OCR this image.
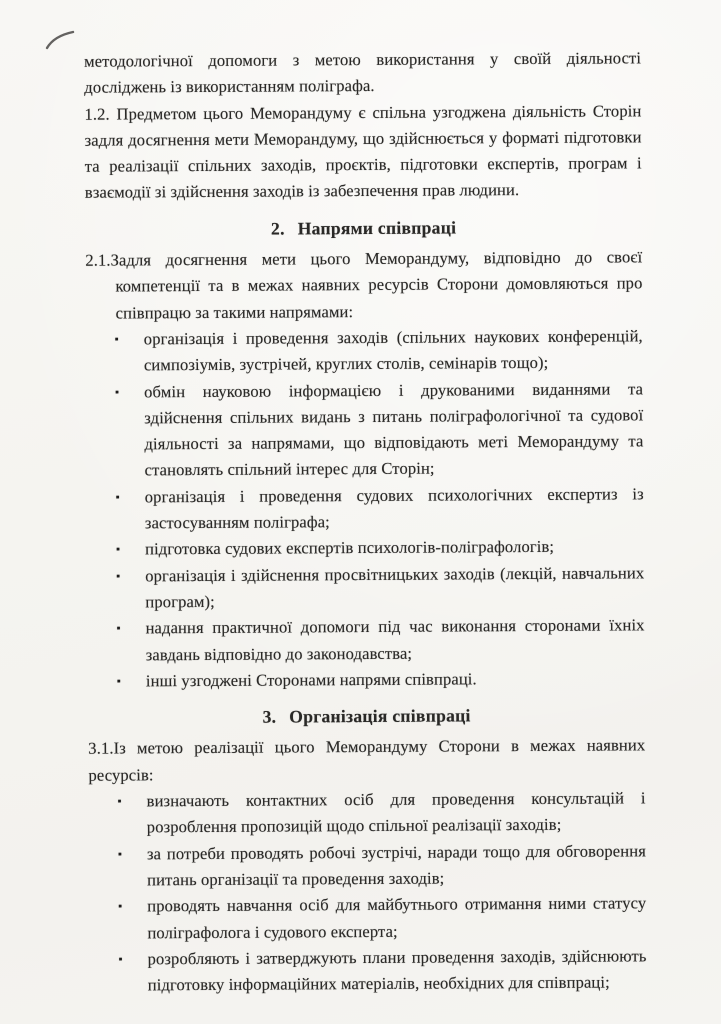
методологічної допомоги з метою використання у своїй діяльності досліджень із використанням поліграфа.

1.2. Предметом цього Меморандуму є спільна узгоджена діяльність Сторін задля досягнення мети Меморандуму, що здійснюється у форматі підготовки та реалізації спільних заходів, проєктів, підготовки експертів, програм і взаємодії зі здійснення заходів із забезпечення прав людини.

2. Напрями співпраці

2.1.Задля досягнення мети цього Меморандуму, відповідно до своєї компетенції та в межах наявних ресурсів Сторони домовляються про співпрацю за такими напрямами:

▪ організація і проведення заходів (спільних наукових конференцій, симпозіумів, зустрічей, круглих столів, семінарів тощо);
▪ обмін науковою інформацією і друкованими виданнями та здійснення спільних видань з питань поліграфологічної та судової діяльності за напрямами, що відповідають меті Меморандуму та становлять спільний інтерес для Сторін;
▪ організація і проведення судових психологічних експертиз із застосуванням поліграфа;
▪ підготовка судових експертів психологів-поліграфологів;
▪ організація і здійснення просвітницьких заходів (лекцій, навчальних програм);
▪ надання практичної допомоги під час виконання сторонами їхніх завдань відповідно до законодавства;
▪ інші узгоджені Сторонами напрями співпраці.
3. Організація співпраці

3.1.Із метою реалізації цього Меморандуму Сторони в межах наявних ресурсів:

▪ визначають контактних осіб для проведення консультацій і розроблення пропозицій щодо спільної реалізації заходів;
▪ за потреби проводять робочі зустрічі, наради тощо для обговорення питань організації та проведення заходів;
▪ проводять навчання осіб для майбутнього отримання ними статусу поліграфолога і судового експерта;
▪ розробляють і затверджують плани проведення заходів, здійснюють підготовку інформаційних матеріалів, необхідних для співпраці;
